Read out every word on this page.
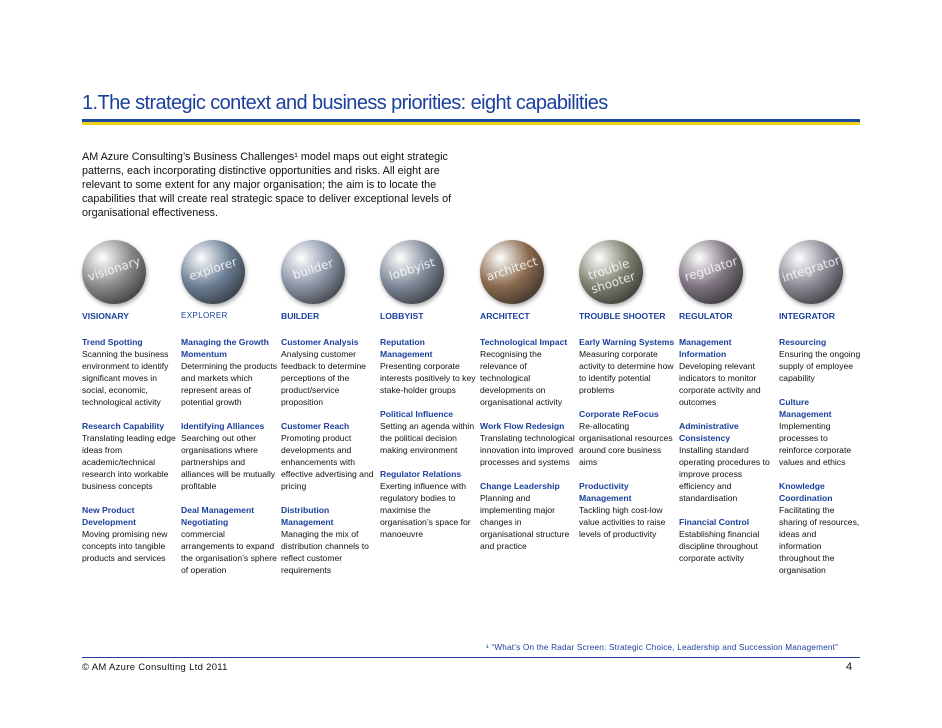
1.The strategic context and business priorities: eight capabilities
AM Azure Consulting’s Business Challenges¹ model maps out eight strategic patterns, each incorporating distinctive opportunities and risks. All eight are relevant to some extent for any major organisation; the aim is to locate the capabilities that will create real strategic space to deliver exceptional levels of organisational effectiveness.
visionary	explorer	builder	lobbyist	architect	trouble shooter	regulator	integrator
VISIONARY
Trend Spotting
Scanning the business environment to identify significant moves in social, economic, technological activity
Research Capability
Translating leading edge ideas from academic/technical research into workable business concepts
New Product Development
Moving promising new concepts into tangible products and services
EXPLORER
Managing the Growth Momentum
Determining the products and markets which represent areas of potential growth
Identifying Alliances
Searching out other organisations where partnerships and alliances will be mutually profitable
Deal Management Negotiating
commercial arrangements to expand the organisation’s sphere of operation
BUILDER
Customer Analysis
Analysing customer feedback to determine perceptions of the product/service proposition
Customer Reach
Promoting product developments and enhancements with effective advertising and pricing
Distribution Management
Managing the mix of distribution channels to reflect customer requirements
LOBBYIST
Reputation Management
Presenting corporate interests positively to key stake-holder groups
Political Influence
Setting an agenda within the political decision making environment
Regulator Relations
Exerting influence with regulatory bodies to maximise the organisation’s space for manoeuvre
ARCHITECT
Technological Impact
Recognising the relevance of technological developments on organisational activity
Work Flow Redesign
Translating technological innovation into improved processes and systems
Change Leadership
Planning and implementing major changes in organisational structure and practice
TROUBLE SHOOTER
Early Warning Systems
Measuring corporate activity to determine how to identify potential problems
Corporate ReFocus
Re-allocating organisational resources around core business aims
Productivity Management
Tackling high cost-low value activities to raise levels of productivity
REGULATOR
Management Information
Developing relevant indicators to monitor corporate activity and outcomes
Administrative Consistency
Installing standard operating procedures to improve process efficiency and standardisation
Financial Control
Establishing financial discipline throughout corporate activity
INTEGRATOR
Resourcing
Ensuring the ongoing supply of employee capability
Culture Management
Implementing processes to reinforce corporate values and ethics
Knowledge Coordination
Facilitating the sharing of resources, ideas and information throughout the organisation
¹ “What’s On the Radar Screen: Strategic Choice, Leadership and Succession Management”
© AM Azure Consulting Ltd 2011	4
